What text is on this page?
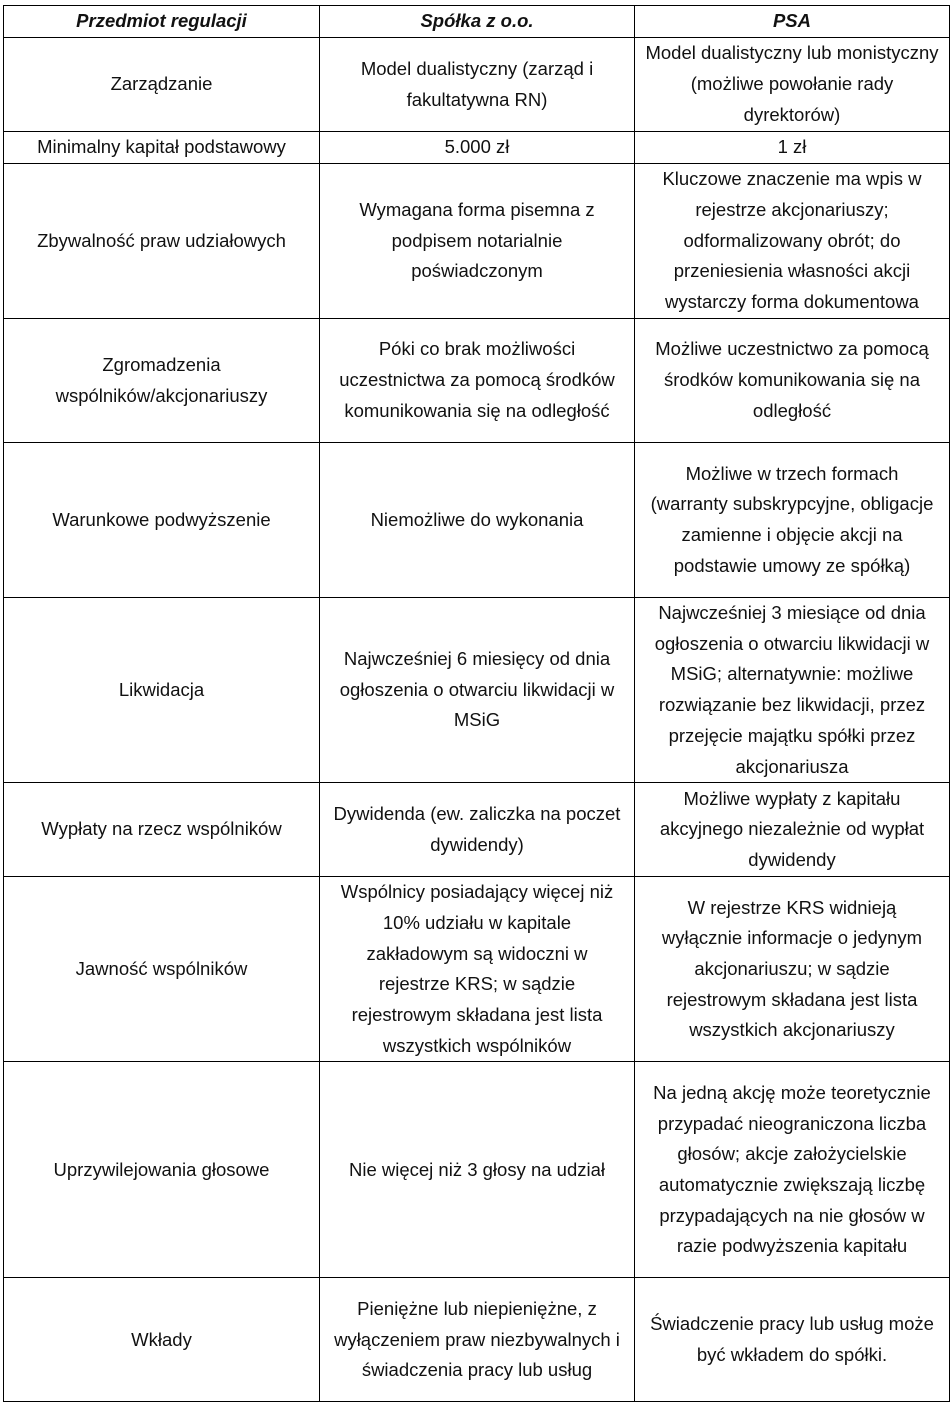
Przedmiot regulacji	Spółka z o.o.	PSA
Zarządzanie	Model dualistyczny (zarząd i fakultatywna RN)	Model dualistyczny lub monistyczny (możliwe powołanie rady dyrektorów)
Minimalny kapitał podstawowy	5.000 zł	1 zł
Zbywalność praw udziałowych	Wymagana forma pisemna z podpisem notarialnie poświadczonym	Kluczowe znaczenie ma wpis w rejestrze akcjonariuszy; odformalizowany obrót; do przeniesienia własności akcji wystarczy forma dokumentowa
Zgromadzenia wspólników/akcjonariuszy	Póki co brak możliwości uczestnictwa za pomocą środków komunikowania się na odległość	Możliwe uczestnictwo za pomocą środków komunikowania się na odległość
Warunkowe podwyższenie	Niemożliwe do wykonania	Możliwe w trzech formach (warranty subskrypcyjne, obligacje zamienne i objęcie akcji na podstawie umowy ze spółką)
Likwidacja	Najwcześniej 6 miesięcy od dnia ogłoszenia o otwarciu likwidacji w MSiG	Najwcześniej 3 miesiące od dnia ogłoszenia o otwarciu likwidacji w MSiG; alternatywnie: możliwe rozwiązanie bez likwidacji, przez przejęcie majątku spółki przez akcjonariusza
Wypłaty na rzecz wspólników	Dywidenda (ew. zaliczka na poczet dywidendy)	Możliwe wypłaty z kapitału akcyjnego niezależnie od wypłat dywidendy
Jawność wspólników	Wspólnicy posiadający więcej niż 10% udziału w kapitale zakładowym są widoczni w rejestrze KRS; w sądzie rejestrowym składana jest lista wszystkich wspólników	W rejestrze KRS widnieją wyłącznie informacje o jedynym akcjonariuszu; w sądzie rejestrowym składana jest lista wszystkich akcjonariuszy
Uprzywilejowania głosowe	Nie więcej niż 3 głosy na udział	Na jedną akcję może teoretycznie przypadać nieograniczona liczba głosów; akcje założycielskie automatycznie zwiększają liczbę przypadających na nie głosów w razie podwyższenia kapitału
Wkłady	Pieniężne lub niepieniężne, z wyłączeniem praw niezbywalnych i świadczenia pracy lub usług	Świadczenie pracy lub usług może być wkładem do spółki.
